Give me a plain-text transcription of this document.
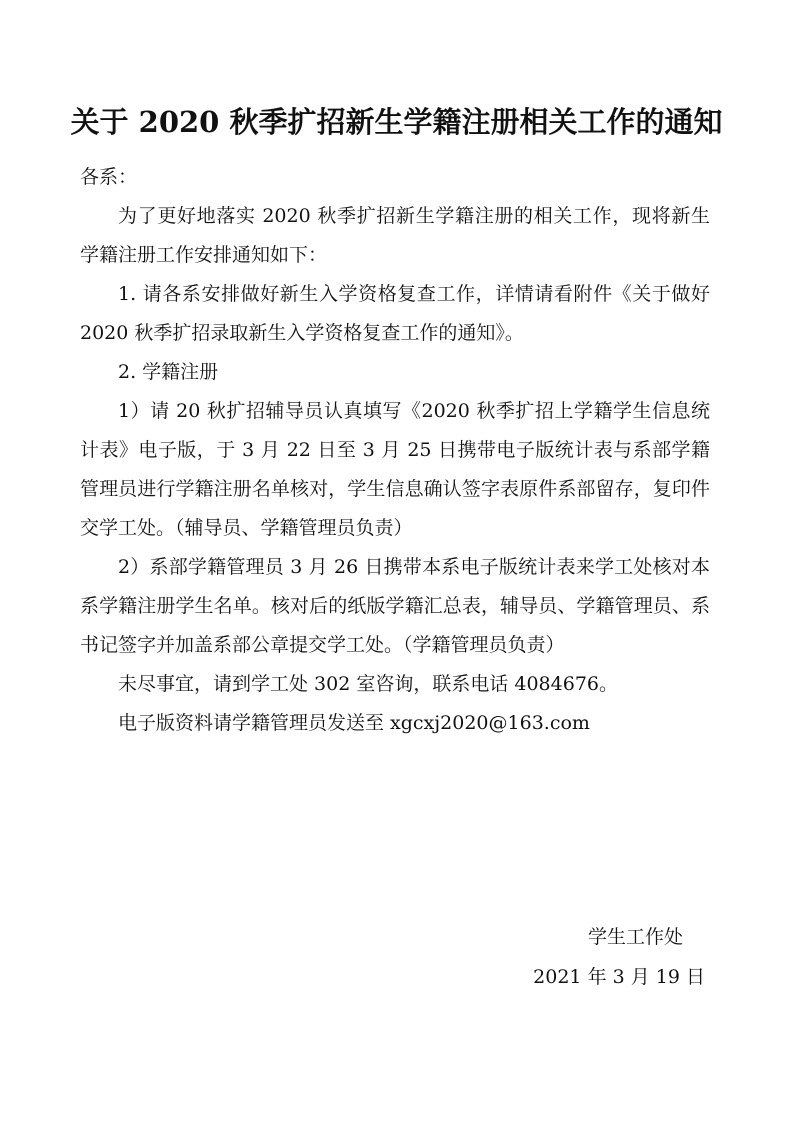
关于 2020 秋季扩招新生学籍注册相关工作的通知
各系：

为了更好地落实 2020 秋季扩招新生学籍注册的相关工作，现将新生学籍注册工作安排通知如下：

1. 请各系安排做好新生入学资格复查工作，详情请看附件《关于做好 2020 秋季扩招录取新生入学资格复查工作的通知》。

2. 学籍注册

1）请 20 秋扩招辅导员认真填写《2020 秋季扩招上学籍学生信息统计表》电子版，于 3 月 22 日至 3 月 25 日携带电子版统计表与系部学籍管理员进行学籍注册名单核对，学生信息确认签字表原件系部留存，复印件交学工处。（辅导员、学籍管理员负责）

2）系部学籍管理员 3 月 26 日携带本系电子版统计表来学工处核对本系学籍注册学生名单。核对后的纸版学籍汇总表，辅导员、学籍管理员、系书记签字并加盖系部公章提交学工处。（学籍管理员负责）

未尽事宜，请到学工处 302 室咨询，联系电话 4084676。

电子版资料请学籍管理员发送至 xgcxj2020@163.com

学生工作处
2021 年 3 月 19 日
